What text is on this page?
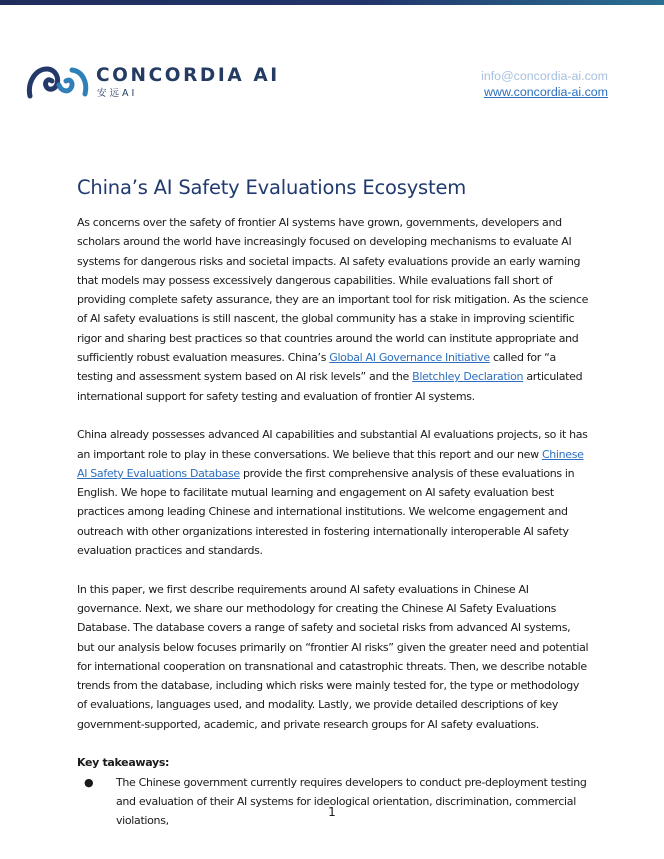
CONCORDIA AI
安远AI
info@concordia-ai.com
www.concordia-ai.com
China’s AI Safety Evaluations Ecosystem

As concerns over the safety of frontier AI systems have grown, governments, developers and scholars around the world have increasingly focused on developing mechanisms to evaluate AI systems for dangerous risks and societal impacts. AI safety evaluations provide an early warning that models may possess excessively dangerous capabilities. While evaluations fall short of providing complete safety assurance, they are an important tool for risk mitigation. As the science of AI safety evaluations is still nascent, the global community has a stake in improving scientific rigor and sharing best practices so that countries around the world can institute appropriate and sufficiently robust evaluation measures. China’s Global AI Governance Initiative called for “a testing and assessment system based on AI risk levels” and the Bletchley Declaration articulated international support for safety testing and evaluation of frontier AI systems.

China already possesses advanced AI capabilities and substantial AI evaluations projects, so it has an important role to play in these conversations. We believe that this report and our new Chinese AI Safety Evaluations Database provide the first comprehensive analysis of these evaluations in English. We hope to facilitate mutual learning and engagement on AI safety evaluation best practices among leading Chinese and international institutions. We welcome engagement and outreach with other organizations interested in fostering internationally interoperable AI safety evaluation practices and standards.

In this paper, we first describe requirements around AI safety evaluations in Chinese AI governance. Next, we share our methodology for creating the Chinese AI Safety Evaluations Database. The database covers a range of safety and societal risks from advanced AI systems, but our analysis below focuses primarily on “frontier AI risks” given the greater need and potential for international cooperation on transnational and catastrophic threats. Then, we describe notable trends from the database, including which risks were mainly tested for, the type or methodology of evaluations, languages used, and modality. Lastly, we provide detailed descriptions of key government-supported, academic, and private research groups for AI safety evaluations.

Key takeaways:
● The Chinese government currently requires developers to conduct pre-deployment testing and evaluation of their AI systems for ideological orientation, discrimination, commercial violations,
1
